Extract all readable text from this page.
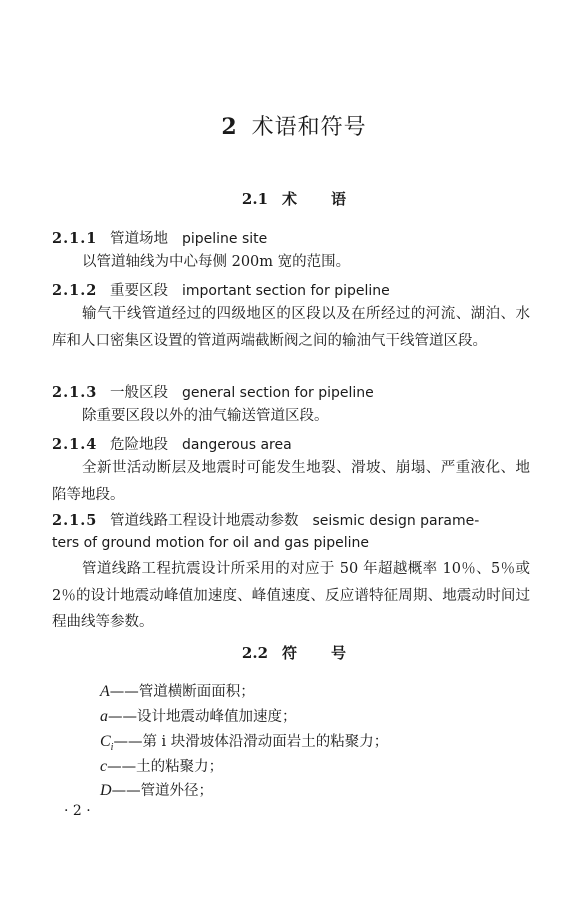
2 术语和符号
2.1 术 语
2.1.1 管道场地 pipeline site
以管道轴线为中心每侧 200m 宽的范围。
2.1.2 重要区段 important section for pipeline
输气干线管道经过的四级地区的区段以及在所经过的河流、湖泊、水库和人口密集区设置的管道两端截断阀之间的输油气干线管道区段。
2.1.3 一般区段 general section for pipeline
除重要区段以外的油气输送管道区段。
2.1.4 危险地段 dangerous area
全新世活动断层及地震时可能发生地裂、滑坡、崩塌、严重液化、地陷等地段。
2.1.5 管道线路工程设计地震动参数 seismic design parame-
ters of ground motion for oil and gas pipeline
管道线路工程抗震设计所采用的对应于 50 年超越概率 10％、5％或 2％的设计地震动峰值加速度、峰值速度、反应谱特征周期、地震动时间过程曲线等参数。
2.2 符 号
A——管道横断面面积；
a——设计地震动峰值加速度；
$C_i——$第 i 块滑坡体沿滑动面岩土的粘聚力；
c——土的粘聚力；
D——管道外径；
· 2 ·
